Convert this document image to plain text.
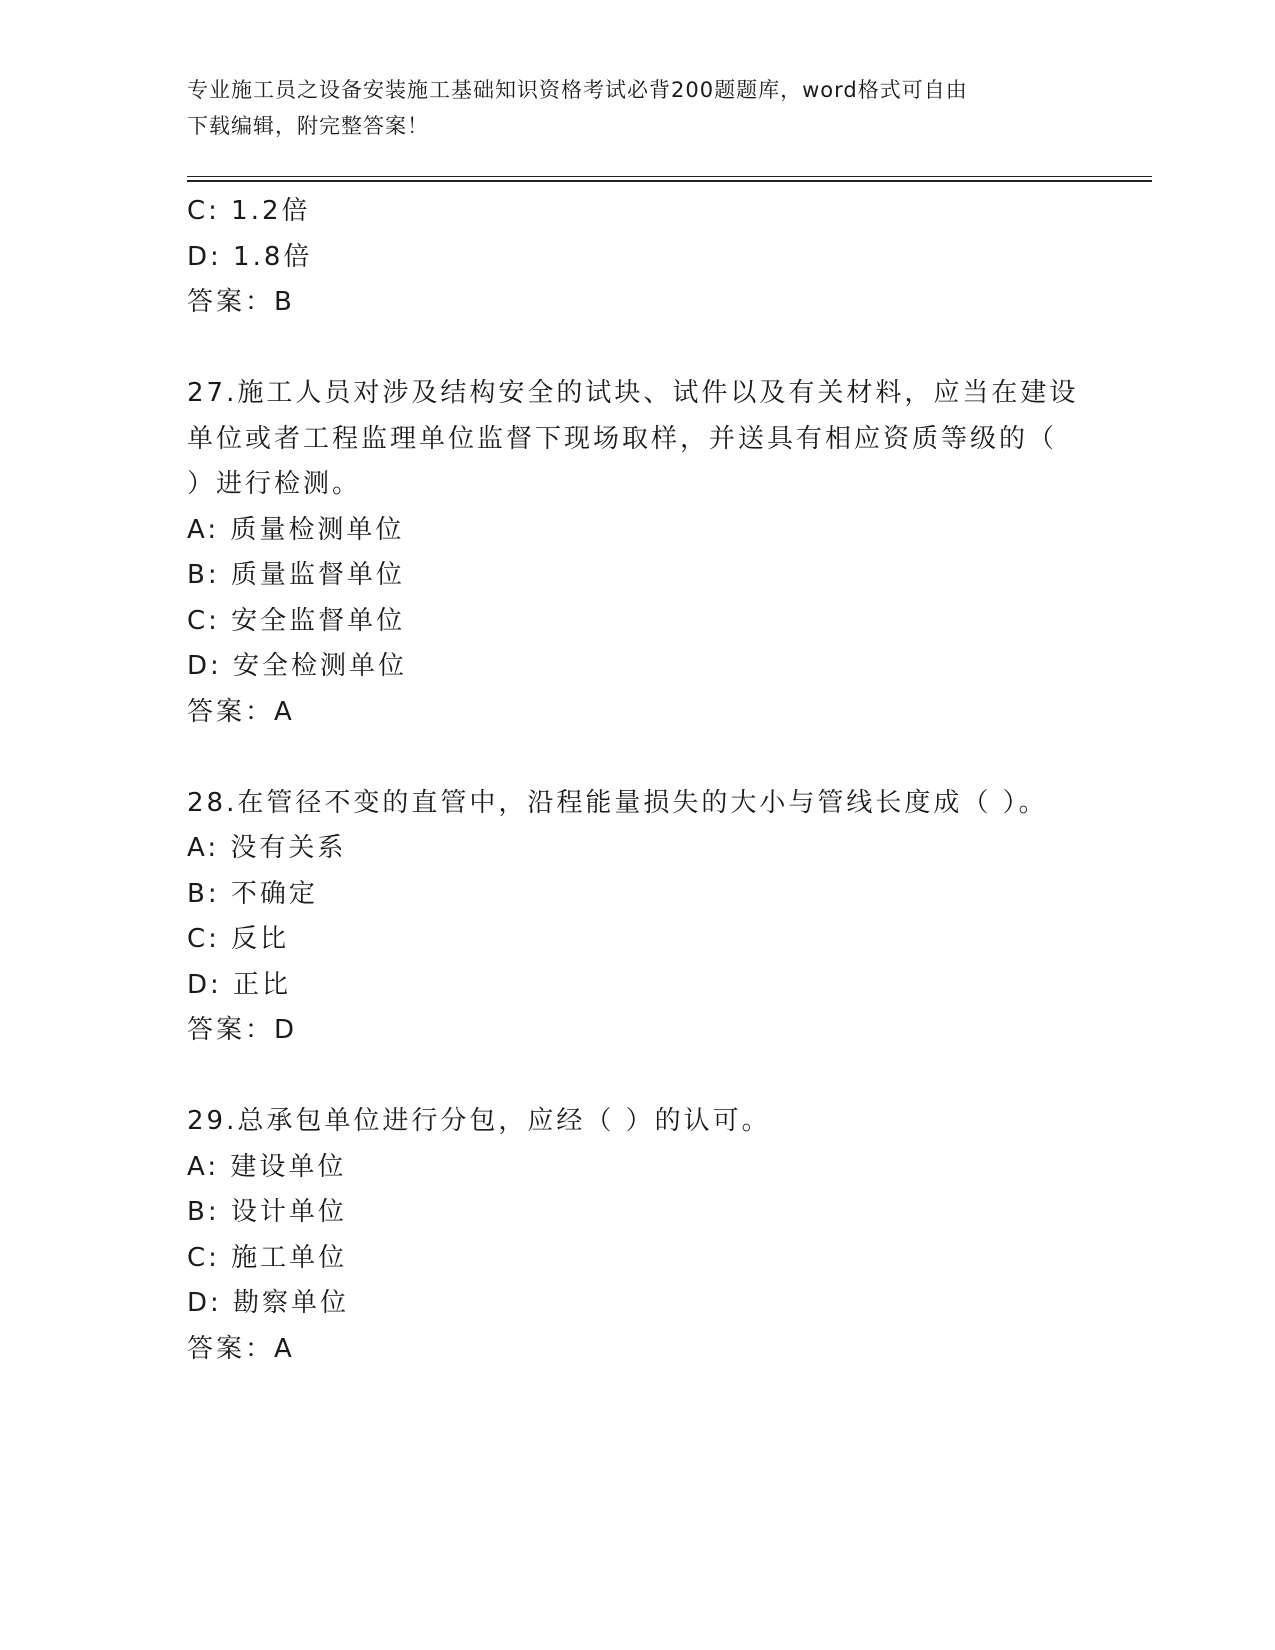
专业施工员之设备安装施工基础知识资格考试必背200题题库，word格式可自由
下载编辑，附完整答案！
C: 1.2倍
D: 1.8倍
答案：B
27.施工人员对涉及结构安全的试块、试件以及有关材料，应当在建设
单位或者工程监理单位监督下现场取样，并送具有相应资质等级的（
）进行检测。
A: 质量检测单位
B: 质量监督单位
C: 安全监督单位
D: 安全检测单位
答案：A
28.在管径不变的直管中，沿程能量损失的大小与管线长度成（ ）。
A: 没有关系
B: 不确定
C: 反比
D: 正比
答案：D
29.总承包单位进行分包，应经（ ）的认可。
A: 建设单位
B: 设计单位
C: 施工单位
D: 勘察单位
答案：A
